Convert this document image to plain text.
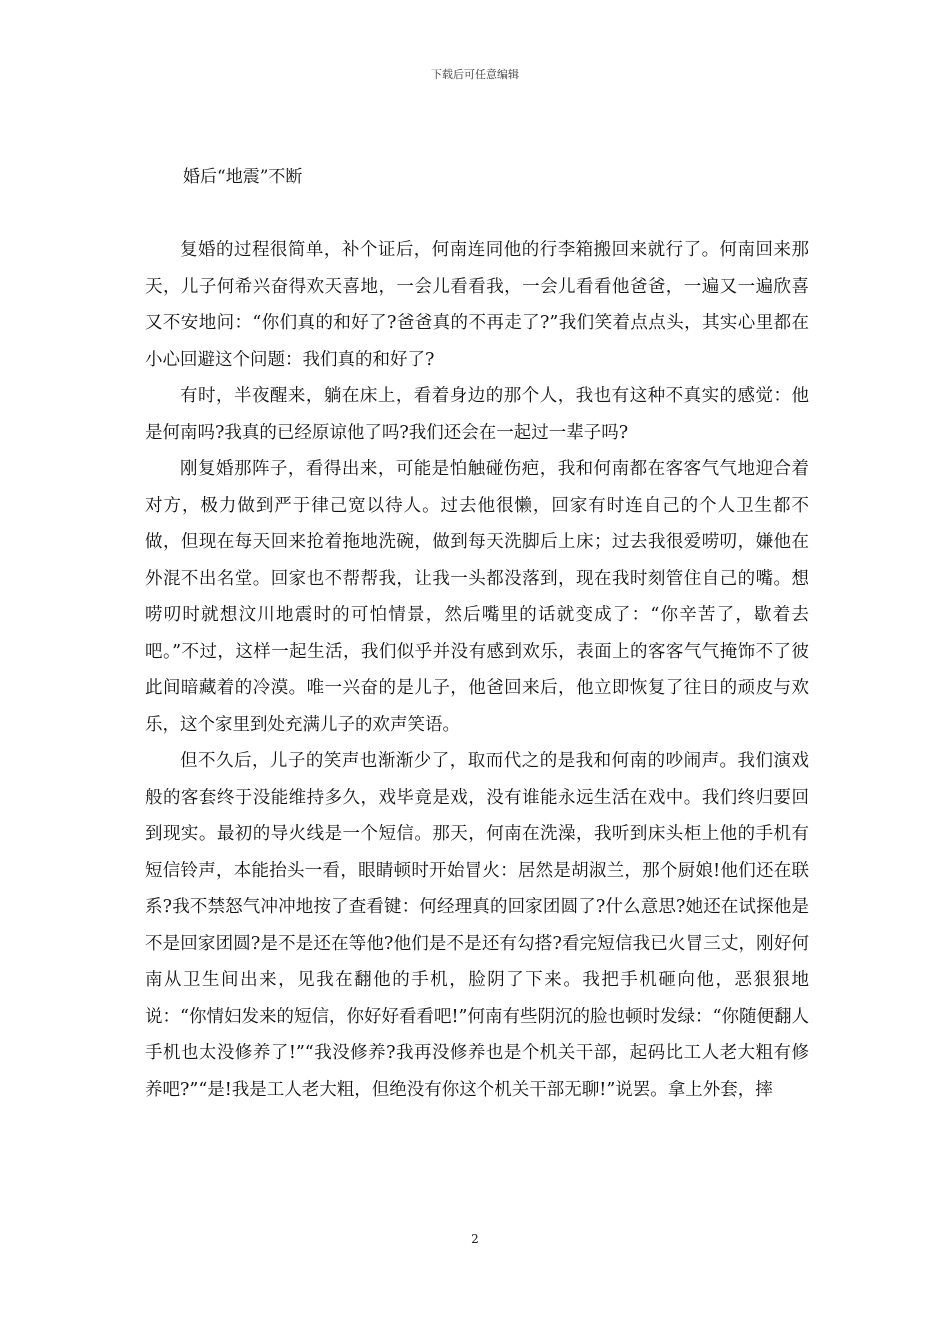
下载后可任意编辑
婚后“地震”不断

复婚的过程很简单，补个证后，何南连同他的行李箱搬回来就行了。何南回来那天，儿子何希兴奋得欢天喜地，一会儿看看我，一会儿看看他爸爸，一遍又一遍欣喜又不安地问：“你们真的和好了?爸爸真的不再走了?”我们笑着点点头，其实心里都在小心回避这个问题：我们真的和好了?

有时，半夜醒来，躺在床上，看着身边的那个人，我也有这种不真实的感觉：他是何南吗?我真的已经原谅他了吗?我们还会在一起过一辈子吗?

刚复婚那阵子，看得出来，可能是怕触碰伤疤，我和何南都在客客气气地迎合着对方，极力做到严于律己宽以待人。过去他很懒，回家有时连自己的个人卫生都不做，但现在每天回来抢着拖地洗碗，做到每天洗脚后上床；过去我很爱唠叨，嫌他在外混不出名堂。回家也不帮帮我，让我一头都没落到，现在我时刻管住自己的嘴。想唠叨时就想汶川地震时的可怕情景，然后嘴里的话就变成了：“你辛苦了，歇着去吧。”不过，这样一起生活，我们似乎并没有感到欢乐，表面上的客客气气掩饰不了彼此间暗藏着的冷漠。唯一兴奋的是儿子，他爸回来后，他立即恢复了往日的顽皮与欢乐，这个家里到处充满儿子的欢声笑语。

但不久后，儿子的笑声也渐渐少了，取而代之的是我和何南的吵闹声。我们演戏般的客套终于没能维持多久，戏毕竟是戏，没有谁能永远生活在戏中。我们终归要回到现实。最初的导火线是一个短信。那天，何南在洗澡，我听到床头柜上他的手机有短信铃声，本能抬头一看，眼睛顿时开始冒火：居然是胡淑兰，那个厨娘!他们还在联系?我不禁怒气冲冲地按了查看键：何经理真的回家团圆了?什么意思?她还在试探他是不是回家团圆?是不是还在等他?他们是不是还有勾搭?看完短信我已火冒三丈，刚好何南从卫生间出来，见我在翻他的手机，脸阴了下来。我把手机砸向他，恶狠狠地说：“你情妇发来的短信，你好好看看吧!”何南有些阴沉的脸也顿时发绿：“你随便翻人手机也太没修养了!”“我没修养?我再没修养也是个机关干部，起码比工人老大粗有修养吧?”“是!我是工人老大粗，但绝没有你这个机关干部无聊!”说罢。拿上外套，摔

2
